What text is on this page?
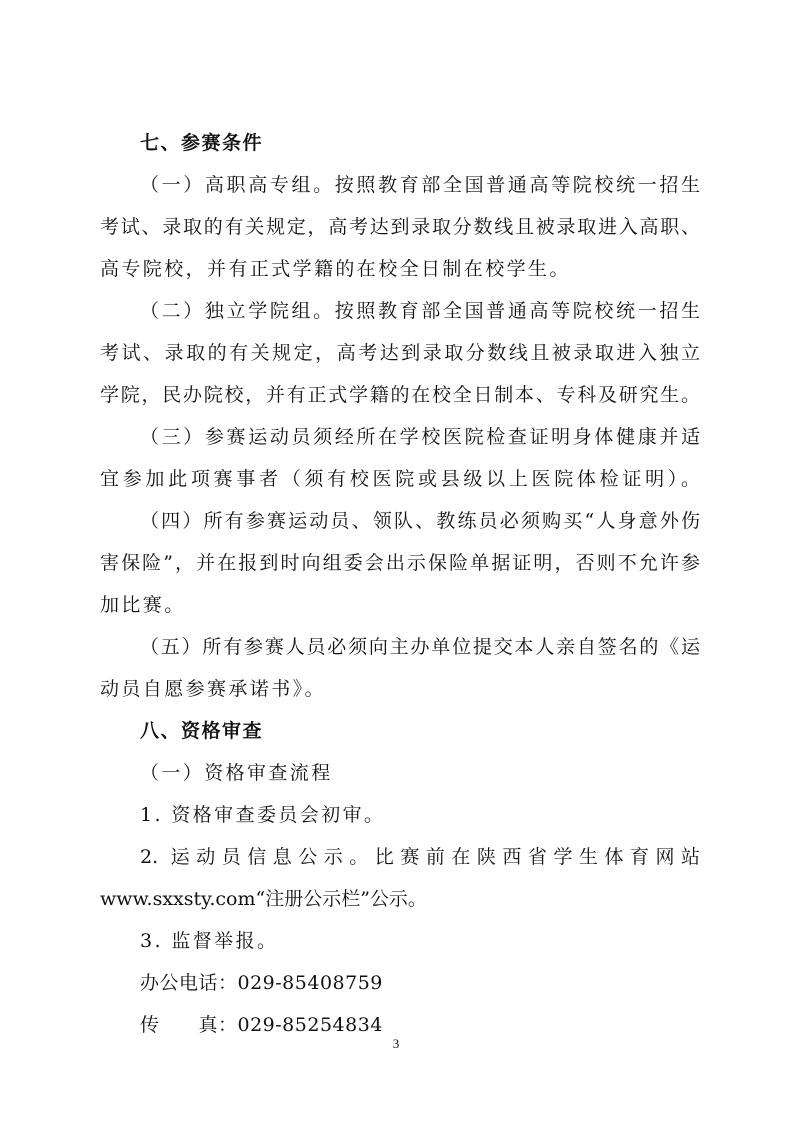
七、参赛条件
（一）高职高专组。按照教育部全国普通高等院校统一招生
考试、录取的有关规定，高考达到录取分数线且被录取进入高职、
高专院校，并有正式学籍的在校全日制在校学生。
（二）独立学院组。按照教育部全国普通高等院校统一招生
考试、录取的有关规定，高考达到录取分数线且被录取进入独立
学院，民办院校，并有正式学籍的在校全日制本、专科及研究生。
（三）参赛运动员须经所在学校医院检查证明身体健康并适
宜参加此项赛事者（须有校医院或县级以上医院体检证明）。
（四）所有参赛运动员、领队、教练员必须购买“人身意外伤
害保险”，并在报到时向组委会出示保险单据证明，否则不允许参
加比赛。
（五）所有参赛人员必须向主办单位提交本人亲自签名的《运
动员自愿参赛承诺书》。
八、资格审查
（一）资格审查流程
1. 资格审查委员会初审。
2. 运动员信息公示。比赛前在陕西省学生体育网站
www.sxxsty.com“注册公示栏”公示。
3. 监督举报。
办公电话：029-85408759
传　　真：029-85254834
3
